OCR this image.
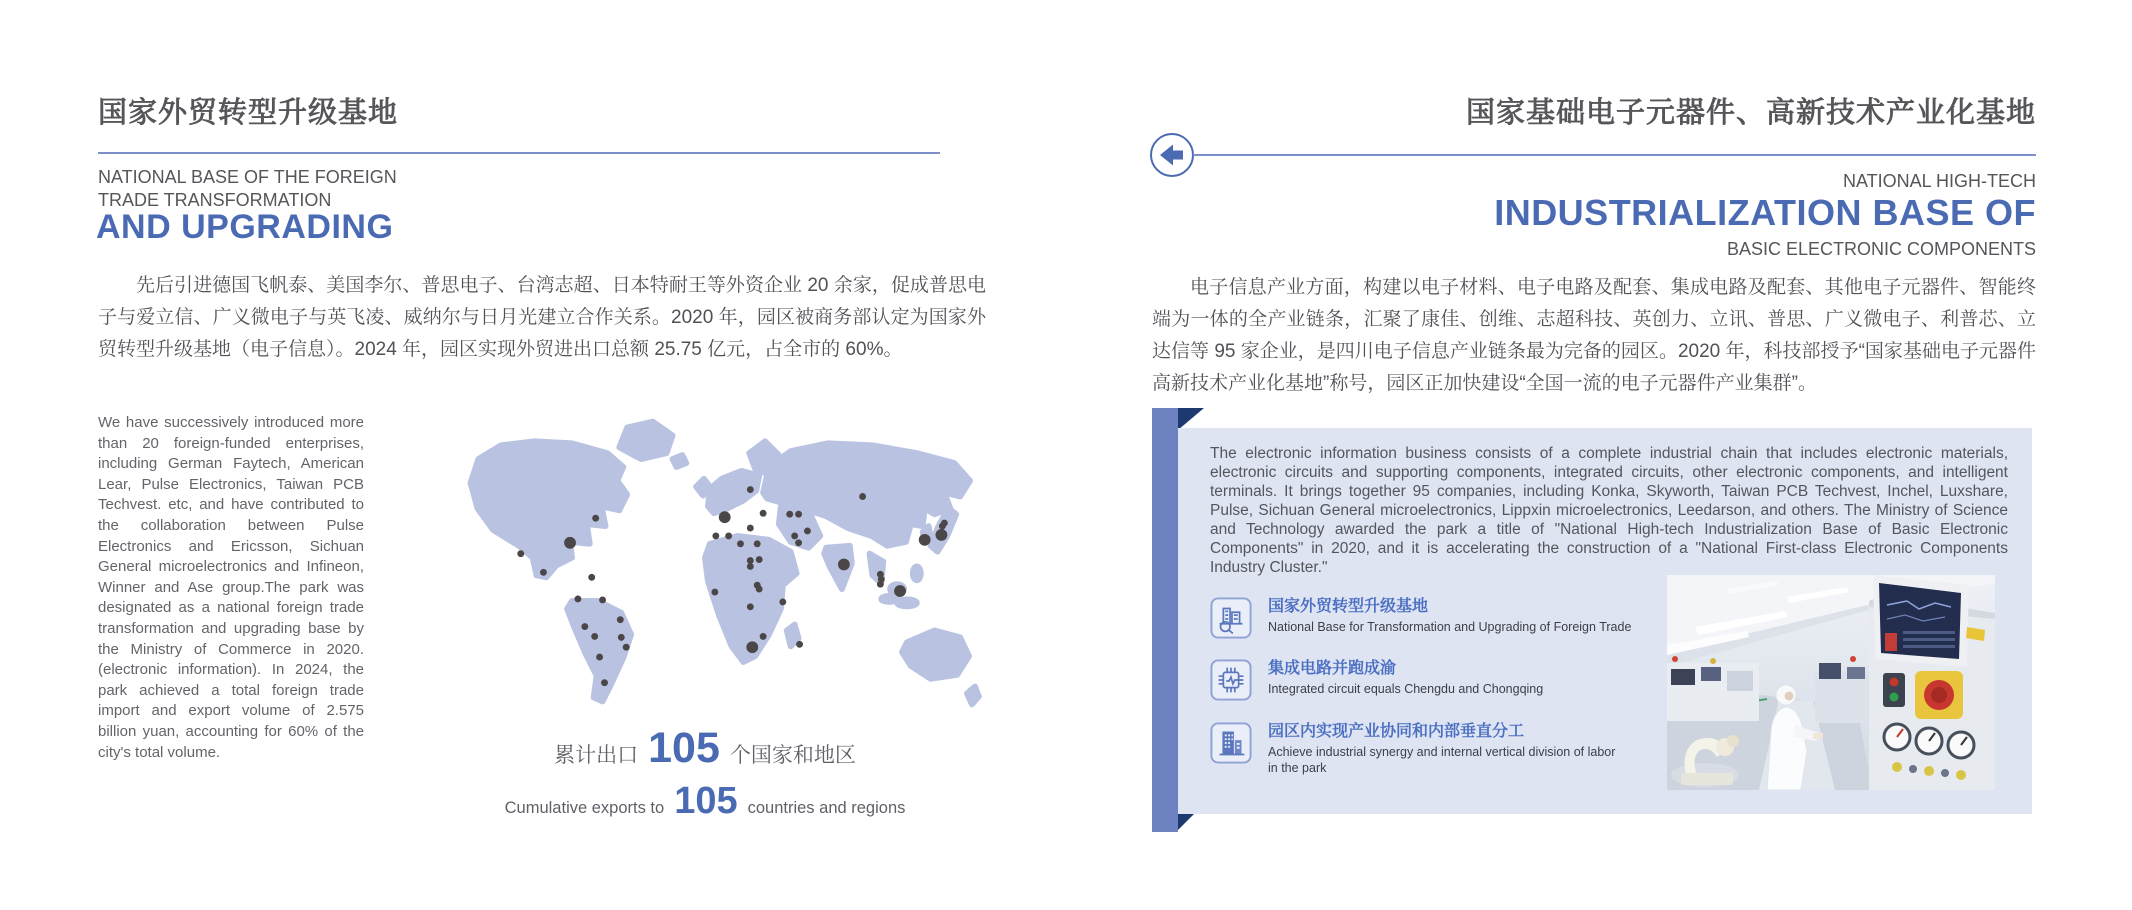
国家外贸转型升级基地
NATIONAL BASE OF THE FOREIGN TRADE TRANSFORMATION
AND UPGRADING
先后引进德国飞帆泰、美国李尔、普思电子、台湾志超、日本特耐王等外资企业 20 余家，促成普思电子与爱立信、广义微电子与英飞凌、威纳尔与日月光建立合作关系。2020 年，园区被商务部认定为国家外贸转型升级基地（电子信息）。2024 年，园区实现外贸进出口总额 25.75 亿元，占全市的 60%。
We have successively introduced more than 20 foreign-funded enterprises, including German Faytech, American Lear, Pulse Electronics, Taiwan PCB Techvest. etc, and have contributed to the collaboration between Pulse Electronics and Ericsson, Sichuan General microelectronics and Infineon, Winner and Ase group.The park was designated as a national foreign trade transformation and upgrading base by the Ministry of Commerce in 2020. (electronic information). In 2024, the park achieved a total foreign trade import and export volume of 2.575 billion yuan, accounting for 60% of the city's total volume.	累计出口 105 个国家和地区
Cumulative exports to 105 countries and regions
国家基础电子元器件、高新技术产业化基地
NATIONAL HIGH-TECH
INDUSTRIALIZATION BASE OF
BASIC ELECTRONIC COMPONENTS
电子信息产业方面，构建以电子材料、电子电路及配套、集成电路及配套、其他电子元器件、智能终端为一体的全产业链条，汇聚了康佳、创维、志超科技、英创力、立讯、普思、广义微电子、利普芯、立达信等 95 家企业，是四川电子信息产业链条最为完备的园区。2020 年，科技部授予“国家基础电子元器件高新技术产业化基地”称号，园区正加快建设“全国一流的电子元器件产业集群”。
The electronic information business consists of a complete industrial chain that includes electronic materials, electronic circuits and supporting components, integrated circuits, other electronic components, and intelligent terminals. It brings together 95 companies, including Konka, Skyworth, Taiwan PCB Techvest, Inchel, Luxshare, Pulse, Sichuan General microelectronics, Lippxin microelectronics, Leedarson, and others. The Ministry of Science and Technology awarded the park a title of "National High-tech Industrialization Base of Basic Electronic Components" in 2020, and it is accelerating the construction of a "National First-class Electronic Components Industry Cluster."
国家外贸转型升级基地
National Base for Transformation and Upgrading of Foreign Trade
集成电路并跑成渝
Integrated circuit equals Chengdu and Chongqing
园区内实现产业协同和内部垂直分工
Achieve industrial synergy and internal vertical division of labor in the park
